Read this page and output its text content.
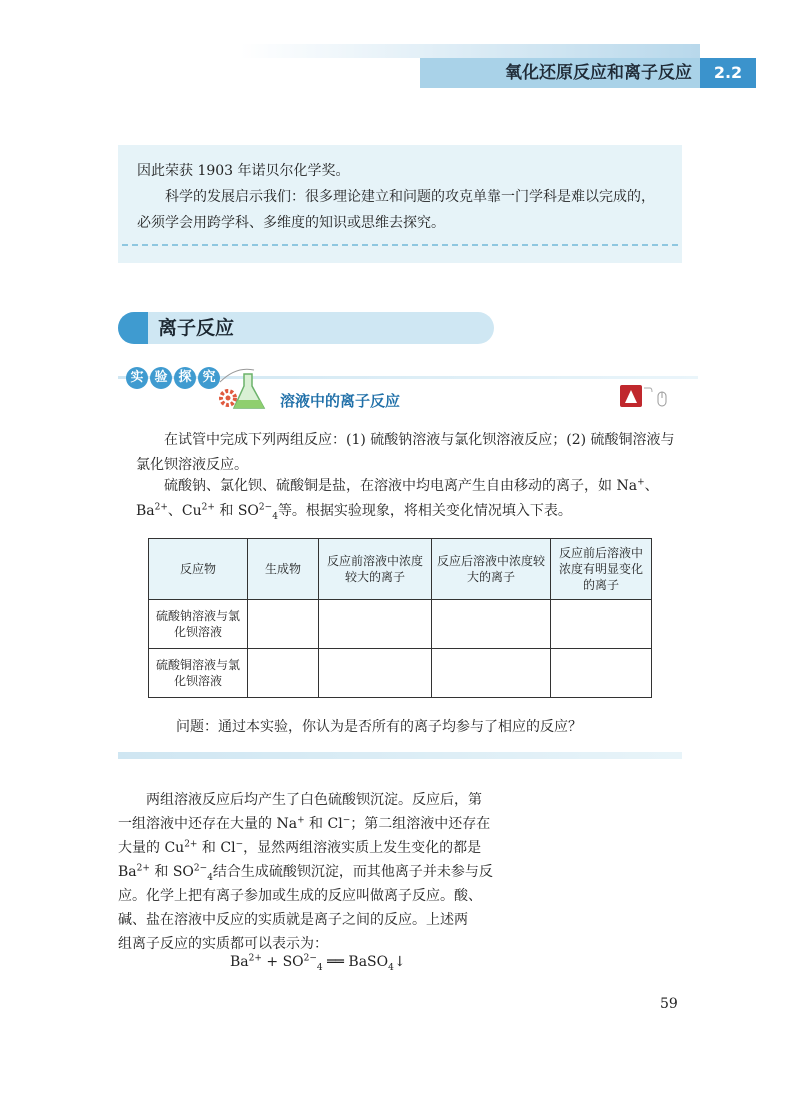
氧化还原反应和离子反应	2.2
因此荣获 1903 年诺贝尔化学奖。
科学的发展启示我们：很多理论建立和问题的攻克单靠一门学科是难以完成的，
必须学会用跨学科、多维度的知识或思维去探究。
离子反应
实 验 探 究
溶液中的离子反应
在试管中完成下列两组反应：(1) 硫酸钠溶液与氯化钡溶液反应；(2) 硫酸铜溶液与氯化钡溶液反应。
硫酸钠、氯化钡、硫酸铜是盐，在溶液中均电离产生自由移动的离子，如 Na+、$Ba^{2+}$、$Cu^{2+}$ 和 $SO^{2-}_4$等。根据实验现象，将相关变化情况填入下表。
反应物	生成物	反应前溶液中浓度较大的离子	反应后溶液中浓度较大的离子	反应前后溶液中浓度有明显变化的离子
硫酸钠溶液与氯化钡溶液				
硫酸铜溶液与氯化钡溶液				
问题：通过本实验，你认为是否所有的离子均参与了相应的反应？
两组溶液反应后均产生了白色硫酸钡沉淀。反应后，第
一组溶液中还存在大量的 Na+ 和 Cl−；第二组溶液中还存在
大量的 $Cu^{2+}$ 和 Cl−，显然两组溶液实质上发生变化的都是
$Ba^{2+}$ 和 $SO^{2-}_4$结合生成硫酸钡沉淀，而其他离子并未参与反应。 化学上把有离子参加或生成的反应叫做离子反应。酸、
碱、盐在溶液中反应的实质就是离子之间的反应。上述两
组离子反应的实质都可以表示为：
$Ba^{2+} + SO^{2-}_4$ ══ BaSO$_4$↓
59
